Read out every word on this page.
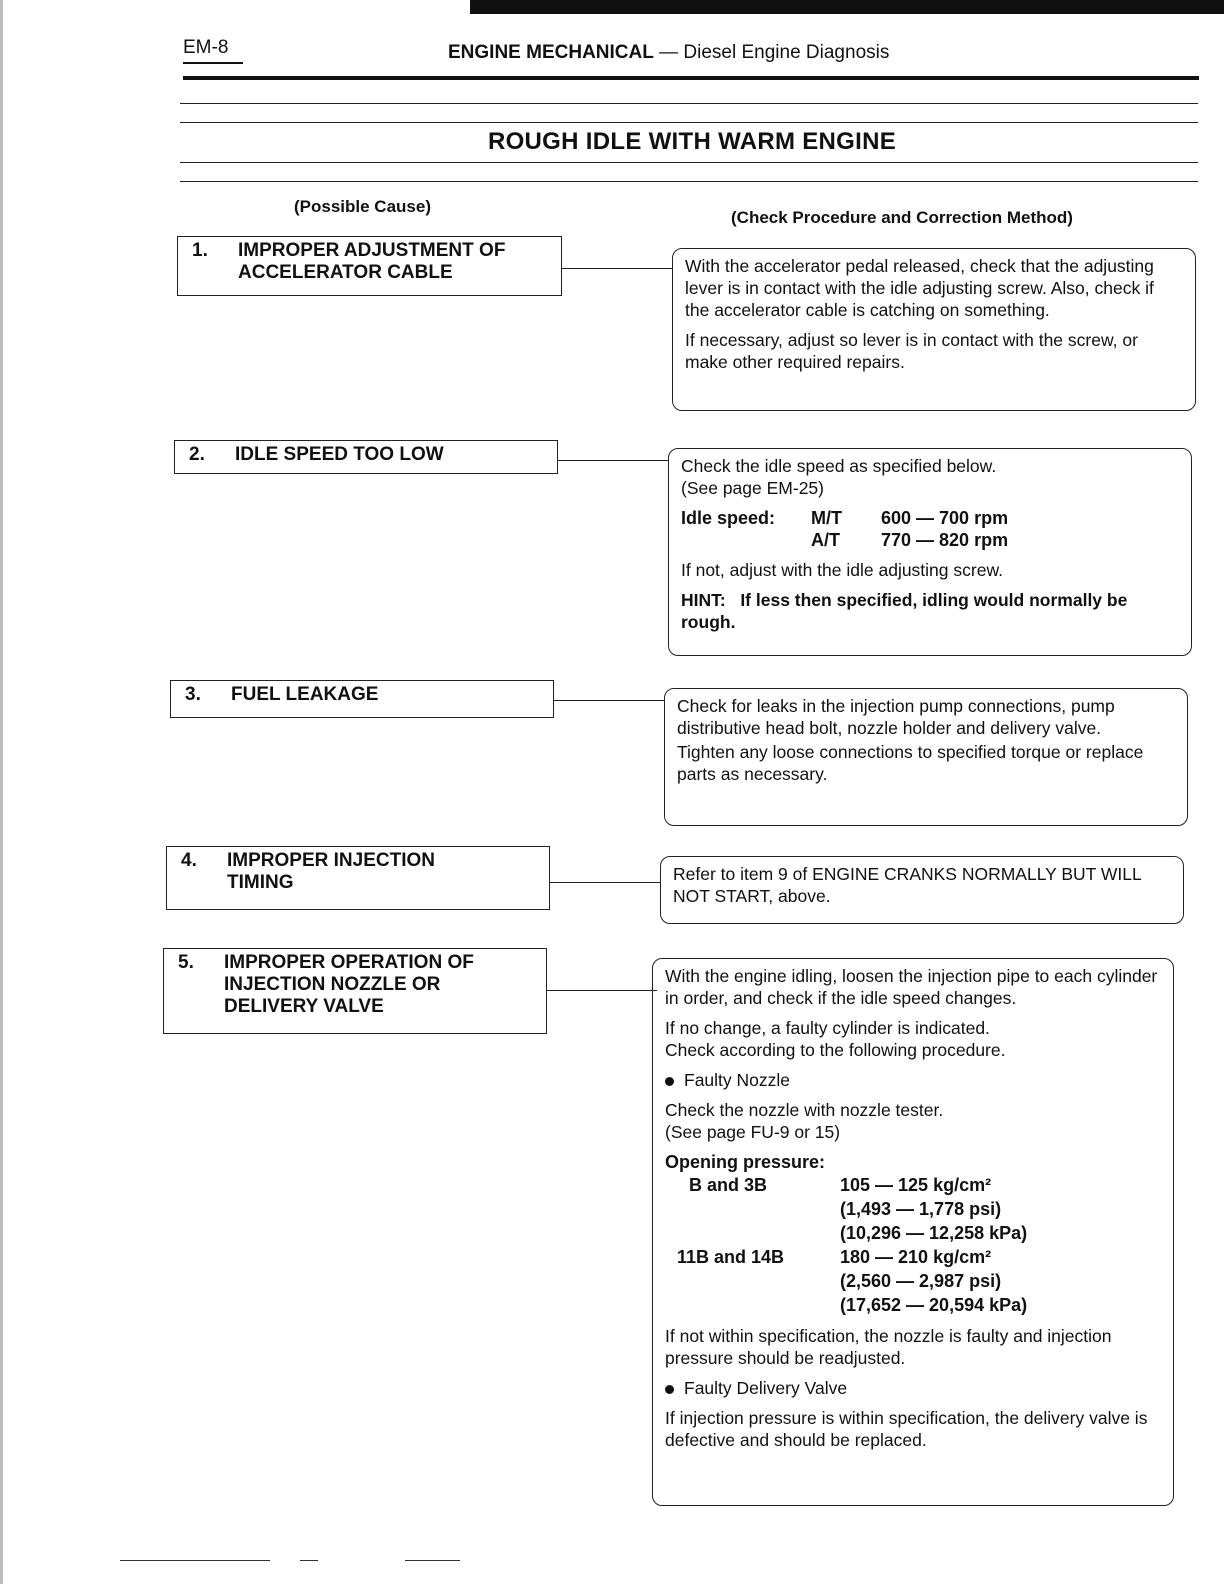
EM-8	ENGINE MECHANICAL — Diesel Engine Diagnosis
ROUGH IDLE WITH WARM ENGINE
(Possible Cause)
(Check Procedure and Correction Method)
1. IMPROPER ADJUSTMENT OF
ACCELERATOR CABLE	With the accelerator pedal released, check that the adjusting lever is in contact with the idle adjusting screw. Also, check if the accelerator cable is catching on something.

If necessary, adjust so lever is in contact with the screw, or make other required repairs.

2. IDLE SPEED TOO LOW

Check the idle speed as specified below.
(See page EM-25)

Idle speed:	M/T	600 — 700 rpm
A/T	770 — 820 rpm

If not, adjust with the idle adjusting screw.

HINT: If less then specified, idling would normally be rough.

3. FUEL LEAKAGE

Check for leaks in the injection pump connections, pump distributive head bolt, nozzle holder and delivery valve.

Tighten any loose connections to specified torque or replace parts as necessary.

4. IMPROPER INJECTION
TIMING	Refer to item 9 of ENGINE CRANKS NORMALLY BUT WILL NOT START, above.

5. IMPROPER OPERATION OF
INJECTION NOZZLE OR
DELIVERY VALVE

With the engine idling, loosen the injection pipe to each cylinder in order, and check if the idle speed changes.

If no change, a faulty cylinder is indicated.
Check according to the following procedure.

Faulty Nozzle

Check the nozzle with nozzle tester.
(See page FU-9 or 15)

Opening pressure:
B and 3B	105 — 125 kg/cm²
(1,493 — 1,778 psi)
(10,296 — 12,258 kPa)
11B and 14B	180 — 210 kg/cm²
(2,560 — 2,987 psi)
(17,652 — 20,594 kPa)

If not within specification, the nozzle is faulty and injection pressure should be readjusted.

Faulty Delivery Valve

If injection pressure is within specification, the delivery valve is defective and should be replaced.
